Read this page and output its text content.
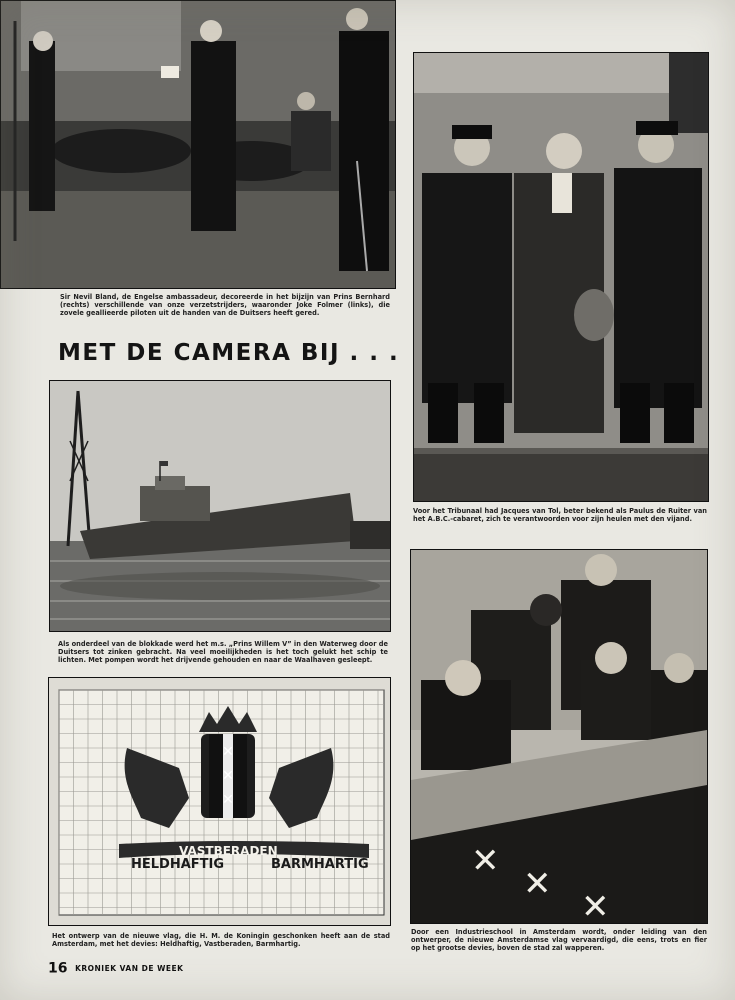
Sir Nevil Bland, de Engelse ambassadeur, decoreerde in het bijzijn van Prins Bernhard (rechts) verschillende van onze verzetstrijders, waaronder Joke Folmer (links), die zovele geallieerde piloten uit de handen van de Duitsers heeft gered.
Voor het Tribunaal had Jacques van Tol, beter bekend als Paulus de Ruiter van het A.B.C.-cabaret, zich te verantwoorden voor zijn heulen met den vijand.
MET DE CAMERA BIJ . . .
Als onderdeel van de blokkade werd het m.s. „Prins Willem V” in den Waterweg door de Duitsers tot zinken gebracht. Na veel moeilijkheden is het toch gelukt het schip te lichten. Met pompen wordt het drijvende gehouden en naar de Waalhaven gesleept.
✕
✕
✕
HELDHAFTIG
VASTBERADEN
BARMHARTIG
Het ontwerp van de nieuwe vlag, die H. M. de Koningin geschonken heeft aan de stad Amsterdam, met het devies: Heldhaftig, Vastberaden, Barmhartig.
✕
✕
✕
Door een Industrieschool in Amsterdam wordt, onder leiding van den ontwerper, de nieuwe Amsterdamse vlag vervaardigd, die eens, trots en fier op het grootse devies, boven de stad zal wapperen.
16 KRONIEK VAN DE WEEK
